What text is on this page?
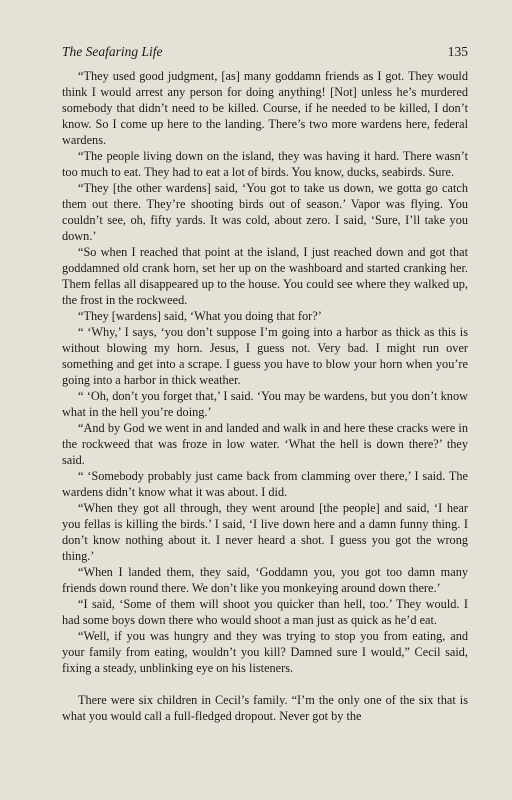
The Seafaring Life	135

“They used good judgment, [as] many goddamn friends as I got. They would think I would arrest any person for doing anything! [Not] unless he’s murdered somebody that didn’t need to be killed. Course, if he needed to be killed, I don’t know. So I come up here to the landing. There’s two more wardens here, federal wardens.

“The people living down on the island, they was having it hard. There wasn’t too much to eat. They had to eat a lot of birds. You know, ducks, seabirds. Sure.

“They [the other wardens] said, ‘You got to take us down, we gotta go catch them out there. They’re shooting birds out of season.’ Vapor was flying. You couldn’t see, oh, fifty yards. It was cold, about zero. I said, ‘Sure, I’ll take you down.’

“So when I reached that point at the island, I just reached down and got that goddamned old crank horn, set her up on the washboard and started cranking her. Them fellas all disappeared up to the house. You could see where they walked up, the frost in the rockweed.

“They [wardens] said, ‘What you doing that for?’

“ ‘Why,’ I says, ‘you don’t suppose I’m going into a harbor as thick as this is without blowing my horn. Jesus, I guess not. Very bad. I might run over something and get into a scrape. I guess you have to blow your horn when you’re going into a harbor in thick weather.

“ ‘Oh, don’t you forget that,’ I said. ‘You may be wardens, but you don’t know what in the hell you’re doing.’

“And by God we went in and landed and walk in and here these cracks were in the rockweed that was froze in low water. ‘What the hell is down there?’ they said.

“ ‘Somebody probably just came back from clamming over there,’ I said. The wardens didn’t know what it was about. I did.

“When they got all through, they went around [the people] and said, ‘I hear you fellas is killing the birds.’ I said, ‘I live down here and a damn funny thing. I don’t know nothing about it. I never heard a shot. I guess you got the wrong thing.’

“When I landed them, they said, ‘Goddamn you, you got too damn many friends down round there. We don’t like you monkeying around down there.’

“I said, ‘Some of them will shoot you quicker than hell, too.’ They would. I had some boys down there who would shoot a man just as quick as he’d eat.

“Well, if you was hungry and they was trying to stop you from eating, and your family from eating, wouldn’t you kill? Damned sure I would,” Cecil said, fixing a steady, unblinking eye on his listeners.

There were six children in Cecil’s family. “I’m the only one of the six that is what you would call a full-fledged dropout. Never got by the
